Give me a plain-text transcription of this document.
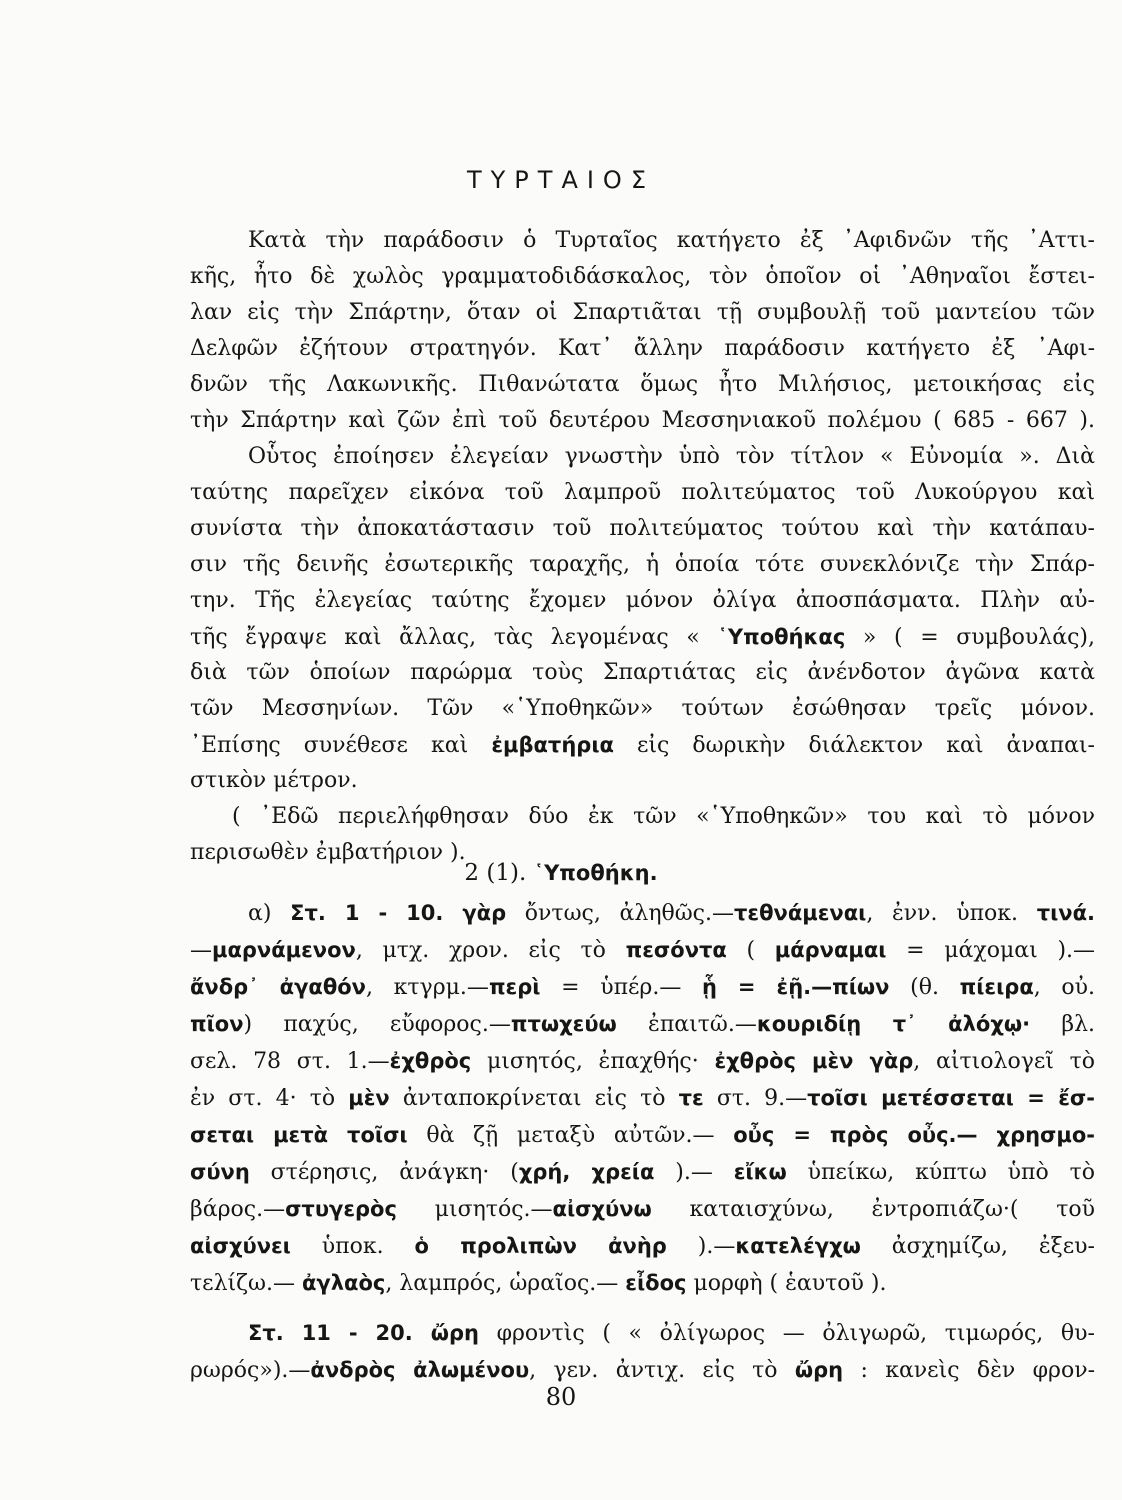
ΤΥΡΤΑΙΟΣ
Κατὰ τὴν παράδοσιν ὁ Τυρταῖος κατήγετο ἐξ ᾿Αφιδνῶν τῆς ᾿Αττι-
κῆς, ἦτο δὲ χωλὸς γραμματοδιδάσκαλος, τὸν ὁποῖον οἱ ᾿Αθηναῖοι ἔστει-
λαν εἰς τὴν Σπάρτην, ὅταν οἱ Σπαρτιᾶται τῇ συμβουλῇ τοῦ μαντείου τῶν
Δελφῶν ἐζήτουν στρατηγόν. Κατ᾿ ἄλλην παράδοσιν κατήγετο ἐξ ᾿Αφι-
δνῶν τῆς Λακωνικῆς. Πιθανώτατα ὅμως ἦτο Μιλήσιος, μετοικήσας εἰς
τὴν Σπάρτην καὶ ζῶν ἐπὶ τοῦ δευτέρου Μεσσηνιακοῦ πολέμου ( 685 - 667 ).
Οὗτος ἐποίησεν ἐλεγείαν γνωστὴν ὑπὸ τὸν τίτλον « Εὐνομία ». Διὰ
ταύτης παρεῖχεν εἰκόνα τοῦ λαμπροῦ πολιτεύματος τοῦ Λυκούργου καὶ
συνίστα τὴν ἀποκατάστασιν τοῦ πολιτεύματος τούτου καὶ τὴν κατάπαυ-
σιν τῆς δεινῆς ἐσωτερικῆς ταραχῆς, ἡ ὁποία τότε συνεκλόνιζε τὴν Σπάρ-
την. Τῆς ἐλεγείας ταύτης ἔχομεν μόνον ὀλίγα ἀποσπάσματα. Πλὴν αὐ-
τῆς ἔγραψε καὶ ἄλλας, τὰς λεγομένας « ῾Υποθήκας » ( = συμβουλάς),
διὰ τῶν ὁποίων παρώρμα τοὺς Σπαρτιάτας εἰς ἀνένδοτον ἀγῶνα κατὰ
τῶν Μεσσηνίων. Τῶν «῾Υποθηκῶν» τούτων ἐσώθησαν τρεῖς μόνον.
᾿Επίσης συνέθεσε καὶ ἐμβατήρια εἰς δωρικὴν διάλεκτον καὶ ἀναπαι-
στικὸν μέτρον.
( ᾿Εδῶ περιελήφθησαν δύο ἐκ τῶν «῾Υποθηκῶν» του καὶ τὸ μόνον
περισωθὲν ἐμβατήριον ).
2 (1). ῾Υποθήκη.
α) Στ. 1 - 10. γὰρ ὄντως, ἀληθῶς.—τεθνάμεναι, ἐνν. ὑποκ. τινά.
—μαρνάμενον, μτχ. χρον. εἰς τὸ πεσόντα ( μάρναμαι = μάχομαι ).—
ἄνδρ᾿ ἀγαθόν, κτγρμ.—περὶ = ὑπέρ.— ᾗ = ἐῇ.—πίων (θ. πίειρα, οὐ.
πῖον) παχύς, εὔφορος.—πτωχεύω ἐπαιτῶ.—κουριδίῃ τ᾿ ἀλόχῳ· βλ.
σελ. 78 στ. 1.—ἐχθρὸς μισητός, ἐπαχθής· ἐχθρὸς μὲν γὰρ, αἰτιολογεῖ τὸ
ἐν στ. 4· τὸ μὲν ἀνταποκρίνεται εἰς τὸ τε στ. 9.—τοῖσι μετέσσεται = ἔσ-
σεται μετὰ τοῖσι θὰ ζῇ μεταξὺ αὐτῶν.— οὖς = πρὸς οὖς.— χρησμο-
σύνη στέρησις, ἀνάγκη· (χρή, χρεία ).— εἴκω ὑπείκω, κύπτω ὑπὸ τὸ
βάρος.—στυγερὸς μισητός.—αἰσχύνω καταισχύνω, ἐντροπιάζω·( τοῦ
αἰσχύνει ὑποκ. ὁ προλιπὼν ἀνὴρ ).—κατελέγχω ἀσχημίζω, ἐξευ-
τελίζω.— ἀγλαὸς, λαμπρός, ὡραῖος.— εἶδος μορφὴ ( ἑαυτοῦ ).
Στ. 11 - 20. ὤρη φροντὶς ( « ὀλίγωρος — ὀλιγωρῶ, τιμωρός, θυ-
ρωρός»).—ἀνδρὸς ἀλωμένου, γεν. ἀντιχ. εἰς τὸ ὤρη : κανεὶς δὲν φρον-
80
